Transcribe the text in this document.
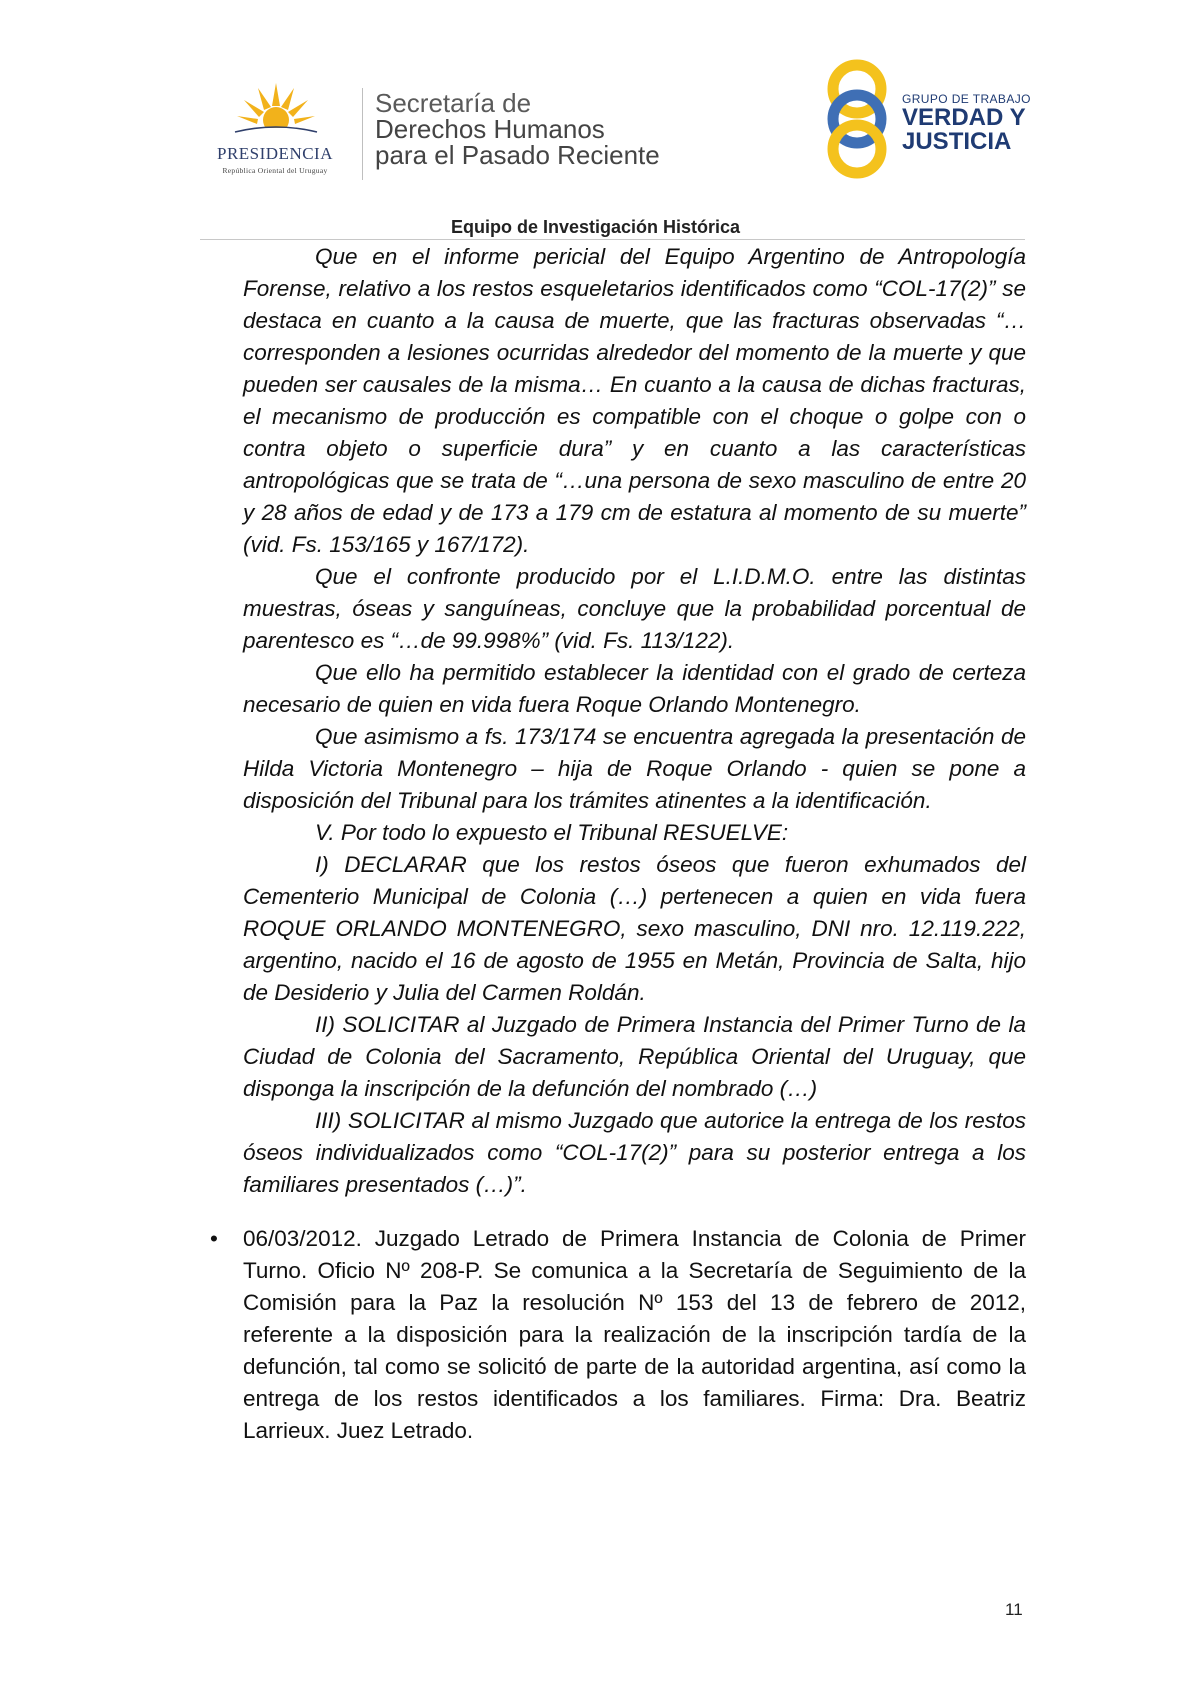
PRESIDENCIA
República Oriental del Uruguay
Secretaría de
Derechos Humanos
para el Pasado Reciente
GRUPO DE TRABAJO
VERDAD Y
JUSTICIA
Equipo de Investigación Histórica

Que en el informe pericial del Equipo Argentino de Antropología Forense, relativo a los restos esqueletarios identificados como “COL-17(2)” se destaca en cuanto a la causa de muerte, que las fracturas observadas “… corresponden a lesiones ocurridas alrededor del momento de la muerte y que pueden ser causales de la misma… En cuanto a la causa de dichas fracturas, el mecanismo de producción es compatible con el choque o golpe con o contra objeto o superficie dura” y en cuanto a las características antropológicas que se trata de “…una persona de sexo masculino de entre 20 y 28 años de edad y de 173 a 179 cm de estatura al momento de su muerte” (vid. Fs. 153/165 y 167/172).

Que el confronte producido por el L.I.D.M.O. entre las distintas muestras, óseas y sanguíneas, concluye que la probabilidad porcentual de parentesco es “…de 99.998%” (vid. Fs. 113/122).

Que ello ha permitido establecer la identidad con el grado de certeza necesario de quien en vida fuera Roque Orlando Montenegro.

Que asimismo a fs. 173/174 se encuentra agregada la presentación de Hilda Victoria Montenegro – hija de Roque Orlando - quien se pone a disposición del Tribunal para los trámites atinentes a la identificación.

V. Por todo lo expuesto el Tribunal RESUELVE:

I) DECLARAR que los restos óseos que fueron exhumados del Cementerio Municipal de Colonia (…) pertenecen a quien en vida fuera ROQUE ORLANDO MONTENEGRO, sexo masculino, DNI nro. 12.119.222, argentino, nacido el 16 de agosto de 1955 en Metán, Provincia de Salta, hijo de Desiderio y Julia del Carmen Roldán.

II) SOLICITAR al Juzgado de Primera Instancia del Primer Turno de la Ciudad de Colonia del Sacramento, República Oriental del Uruguay, que disponga la inscripción de la defunción del nombrado (…)

III) SOLICITAR al mismo Juzgado que autorice la entrega de los restos óseos individualizados como “COL-17(2)” para su posterior entrega a los familiares presentados (…)”.

• 06/03/2012. Juzgado Letrado de Primera Instancia de Colonia de Primer Turno. Oficio Nº 208-P. Se comunica a la Secretaría de Seguimiento de la Comisión para la Paz la resolución Nº 153 del 13 de febrero de 2012, referente a la disposición para la realización de la inscripción tardía de la defunción, tal como se solicitó de parte de la autoridad argentina, así como la entrega de los restos identificados a los familiares. Firma: Dra. Beatriz Larrieux. Juez Letrado.
11
